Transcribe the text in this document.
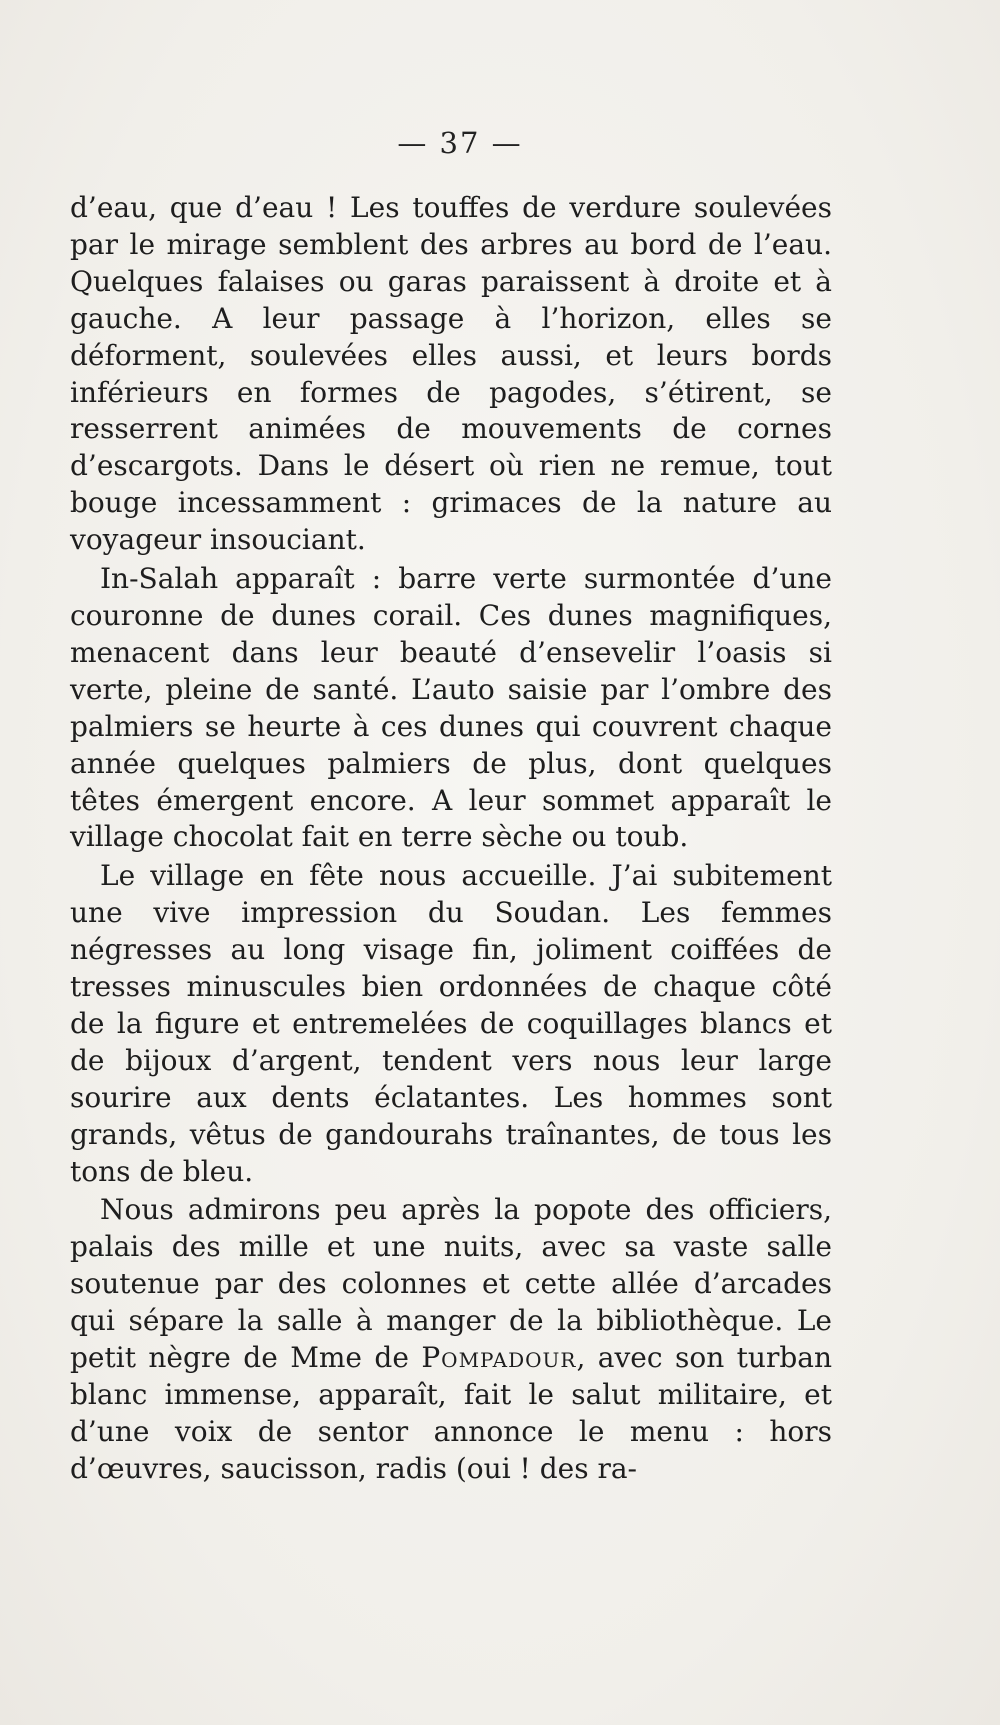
— 37 —

d’eau, que d’eau ! Les touffes de verdure soulevées par le mirage semblent des arbres au bord de l’eau. Quelques falaises ou garas paraissent à droite et à gauche. A leur passage à l’horizon, elles se déforment, soulevées elles aussi, et leurs bords inférieurs en formes de pagodes, s’étirent, se resserrent animées de mouvements de cornes d’escargots. Dans le désert où rien ne remue, tout bouge incessamment : grimaces de la nature au voyageur insouciant.

In-Salah apparaît : barre verte surmontée d’une couronne de dunes corail. Ces dunes magnifiques, menacent dans leur beauté d’ensevelir l’oasis si verte, pleine de santé. L’auto saisie par l’ombre des palmiers se heurte à ces dunes qui couvrent chaque année quelques palmiers de plus, dont quelques têtes émergent encore. A leur sommet apparaît le village chocolat fait en terre sèche ou toub.

Le village en fête nous accueille. J’ai subitement une vive impression du Soudan. Les femmes négresses au long visage fin, joliment coiffées de tresses minuscules bien ordonnées de chaque côté de la figure et entremelées de coquillages blancs et de bijoux d’argent, tendent vers nous leur large sourire aux dents éclatantes. Les hommes sont grands, vêtus de gandourahs traînantes, de tous les tons de bleu.

Nous admirons peu après la popote des officiers, palais des mille et une nuits, avec sa vaste salle soutenue par des colonnes et cette allée d’arcades qui sépare la salle à manger de la bibliothèque. Le petit nègre de Mme de Pompadour, avec son turban blanc immense, apparaît, fait le salut militaire, et d’une voix de sentor annonce le menu : hors d’œuvres, saucisson, radis (oui ! des ra-
